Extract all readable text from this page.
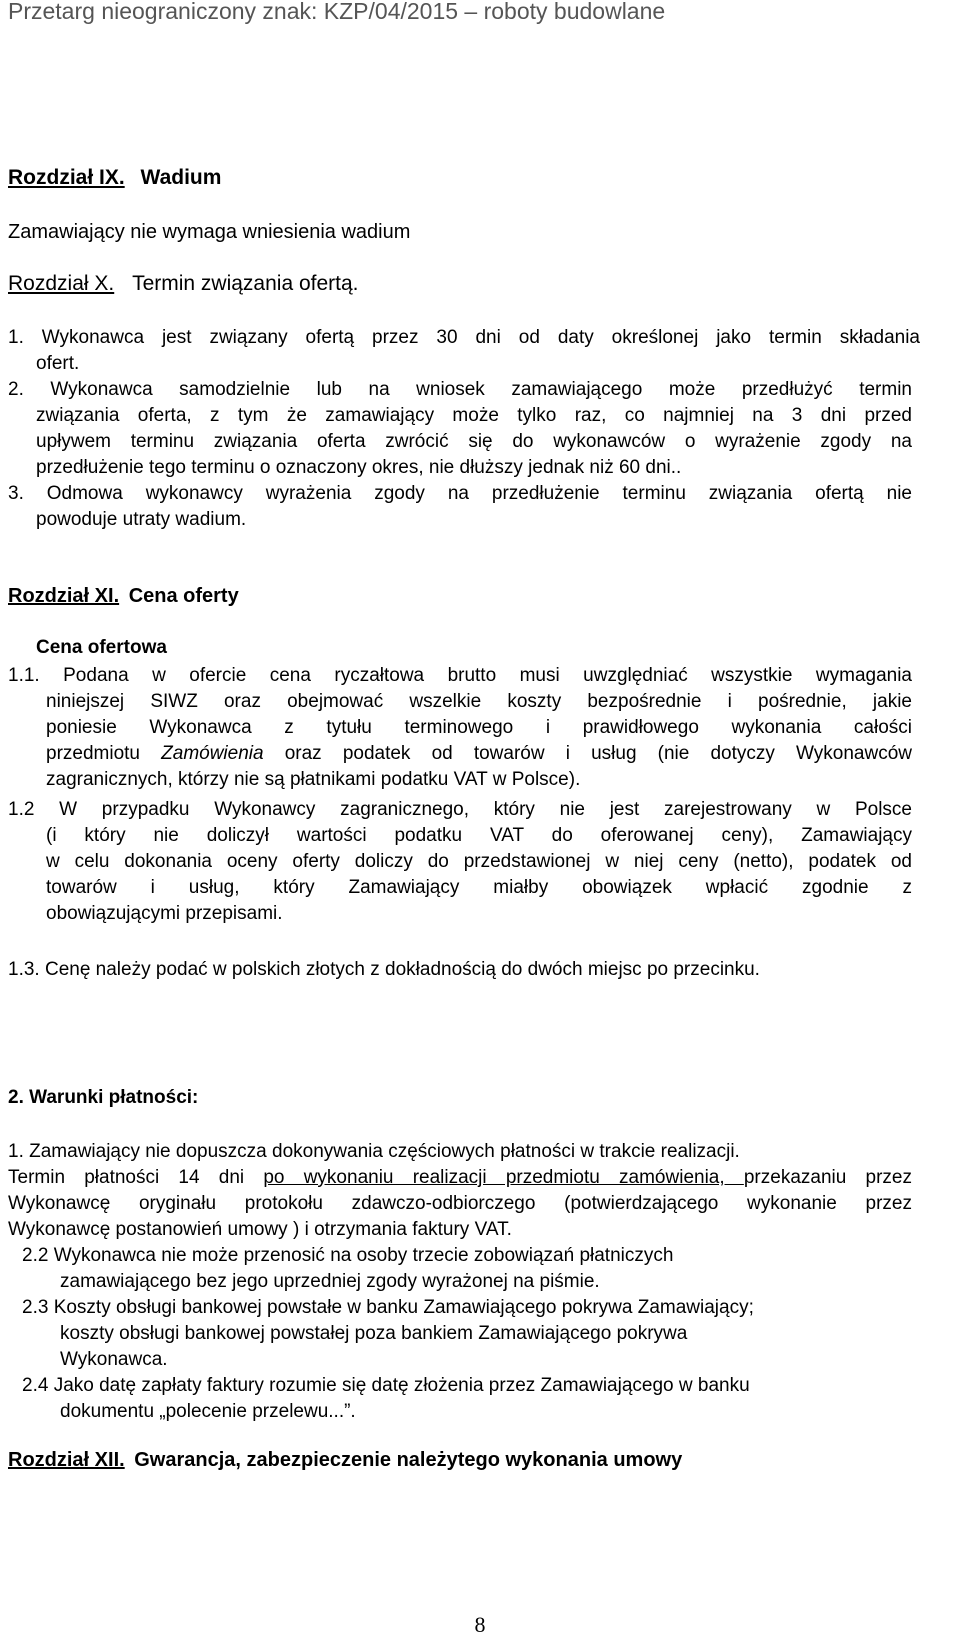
Przetarg nieograniczony znak: KZP/04/2015 – roboty budowlane
Rozdział IX. Wadium
Zamawiający nie wymaga wniesienia wadium
Rozdział X. Termin związania ofertą.
1. Wykonawca jest związany ofertą przez 30 dni od daty określonej jako termin składania
ofert.
2. Wykonawca samodzielnie lub na wniosek zamawiającego może przedłużyć termin
związania oferta, z tym że zamawiający może tylko raz, co najmniej na 3 dni przed
upływem terminu związania oferta zwrócić się do wykonawców o wyrażenie zgody na
przedłużenie tego terminu o oznaczony okres, nie dłuższy jednak niż 60 dni..
3. Odmowa wykonawcy wyrażenia zgody na przedłużenie terminu związania ofertą nie
powoduje utraty wadium.
Rozdział XI. Cena oferty
Cena ofertowa
1.1. Podana w ofercie cena ryczałtowa brutto musi uwzględniać wszystkie wymagania
niniejszej SIWZ oraz obejmować wszelkie koszty bezpośrednie i pośrednie, jakie
poniesie Wykonawca z tytułu terminowego i prawidłowego wykonania całości
przedmiotu Zamówienia oraz podatek od towarów i usług (nie dotyczy Wykonawców
zagranicznych, którzy nie są płatnikami podatku VAT w Polsce).
1.2 W przypadku Wykonawcy zagranicznego, który nie jest zarejestrowany w Polsce
(i który nie doliczył wartości podatku VAT do oferowanej ceny), Zamawiający
w celu dokonania oceny oferty doliczy do przedstawionej w niej ceny (netto), podatek od
towarów i usług, który Zamawiający miałby obowiązek wpłacić zgodnie z
obowiązującymi przepisami.
1.3. Cenę należy podać w polskich złotych z dokładnością do dwóch miejsc po przecinku.
2. Warunki płatności:
1. Zamawiający nie dopuszcza dokonywania częściowych płatności w trakcie realizacji.
Termin płatności 14 dni po wykonaniu realizacji przedmiotu zamówienia, przekazaniu przez
Wykonawcę oryginału protokołu zdawczo-odbiorczego (potwierdzającego wykonanie przez
Wykonawcę postanowień umowy ) i otrzymania faktury VAT.
2.2 Wykonawca nie może przenosić na osoby trzecie zobowiązań płatniczych
zamawiającego bez jego uprzedniej zgody wyrażonej na piśmie.
2.3 Koszty obsługi bankowej powstałe w banku Zamawiającego pokrywa Zamawiający;
koszty obsługi bankowej powstałej poza bankiem Zamawiającego pokrywa
Wykonawca.
2.4 Jako datę zapłaty faktury rozumie się datę złożenia przez Zamawiającego w banku
dokumentu „polecenie przelewu...”.
Rozdział XII. Gwarancja, zabezpieczenie należytego wykonania umowy
8
